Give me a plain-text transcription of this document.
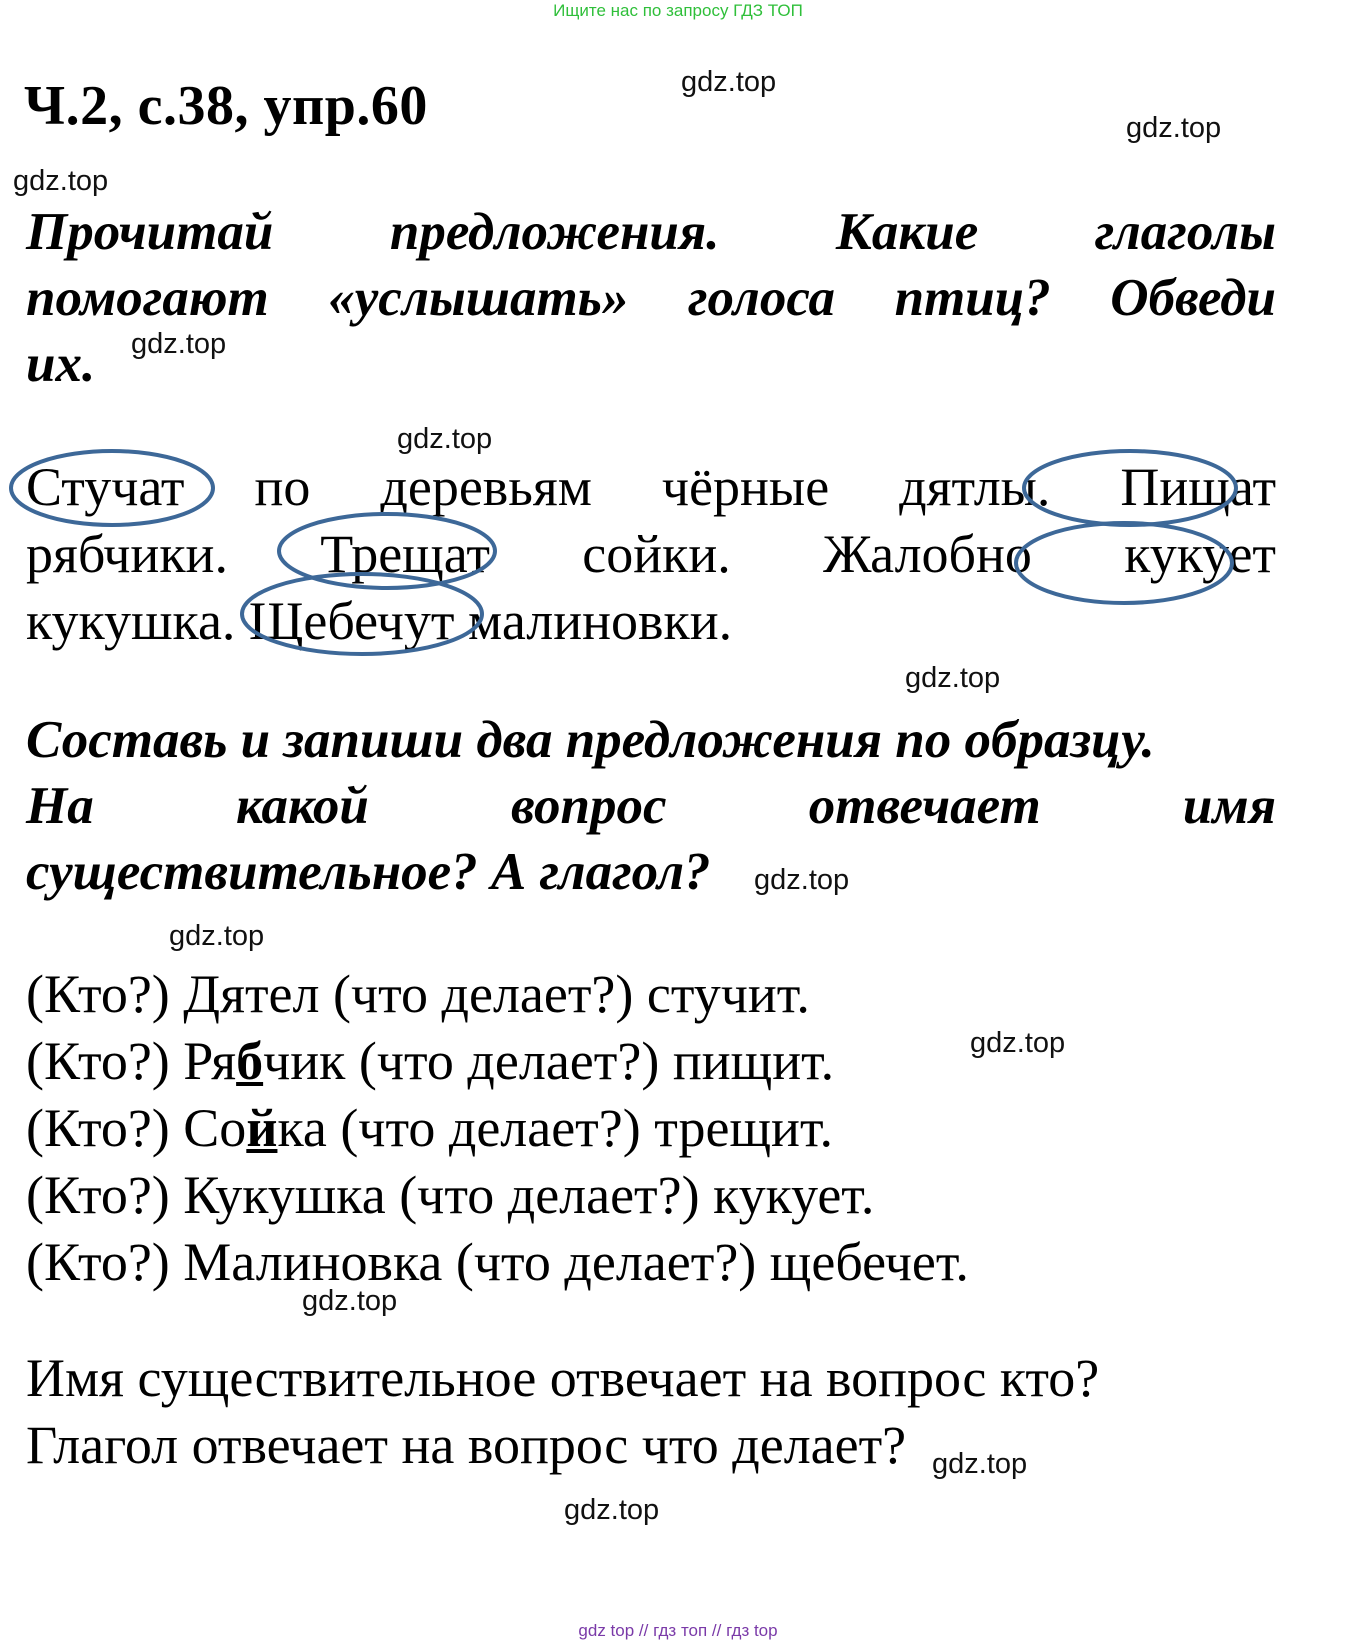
Ищите нас по запросу ГДЗ ТОП
Ч.2, с.38, упр.60	gdz.top
gdz.top
gdz.top
gdz.top
gdz.top
gdz.top
gdz.top
gdz.top
gdz.top
gdz.top
gdz.top
gdz.top
Прочитай предложения. Какие глаголы
помогают «услышать» голоса птиц? Обведи
их.
Стучат по деревьям чёрные дятлы. Пищат
рябчики. Трещат сойки. Жалобно кукует
кукушка. Щебечут малиновки.
Составь и запиши два предложения по образцу.
На	какой	вопрос	отвечает	имя
существительное? А глагол?
(Кто?) Дятел (что делает?) стучит.
(Кто?) Рябчик (что делает?) пищит.
(Кто?) Сойка (что делает?) трещит.
(Кто?) Кукушка (что делает?) кукует.
(Кто?) Малиновка (что делает?) щебечет.
Имя существительное отвечает на вопрос кто?
Глагол отвечает на вопрос что делает?
gdz top // гдз топ // гдз top
